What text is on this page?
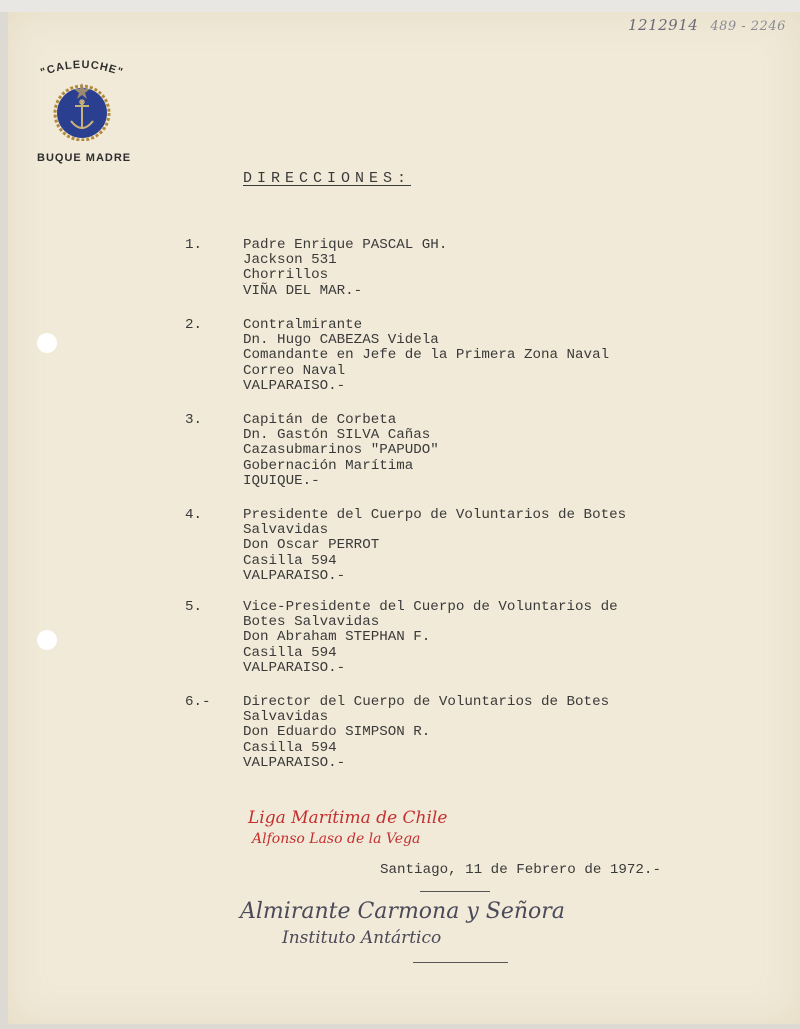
1212914 489 - 2246
"CALEUCHE"
BUQUE MADRE
DIRECCIONES:
1.	Padre Enrique PASCAL GH.
Jackson 531
Chorrillos
VIÑA DEL MAR.-
2.	Contralmirante
Dn. Hugo CABEZAS Videla
Comandante en Jefe de la Primera Zona Naval
Correo Naval
VALPARAISO.-
3.	Capitán de Corbeta
Dn. Gastón SILVA Cañas
Cazasubmarinos "PAPUDO"
Gobernación Marítima
IQUIQUE.-
4.	Presidente del Cuerpo de Voluntarios de Botes
Salvavidas
Don Oscar PERROT
Casilla 594
VALPARAISO.-
5.	Vice-Presidente del Cuerpo de Voluntarios de
Botes Salvavidas
Don Abraham STEPHAN F.
Casilla 594
VALPARAISO.-
6.-	Director del Cuerpo de Voluntarios de Botes
Salvavidas
Don Eduardo SIMPSON R.
Casilla 594
VALPARAISO.-
Liga Marítima de Chile
Alfonso Laso de la Vega
Santiago, 11 de Febrero de 1972.-
Almirante Carmona y Señora
Instituto Antártico
